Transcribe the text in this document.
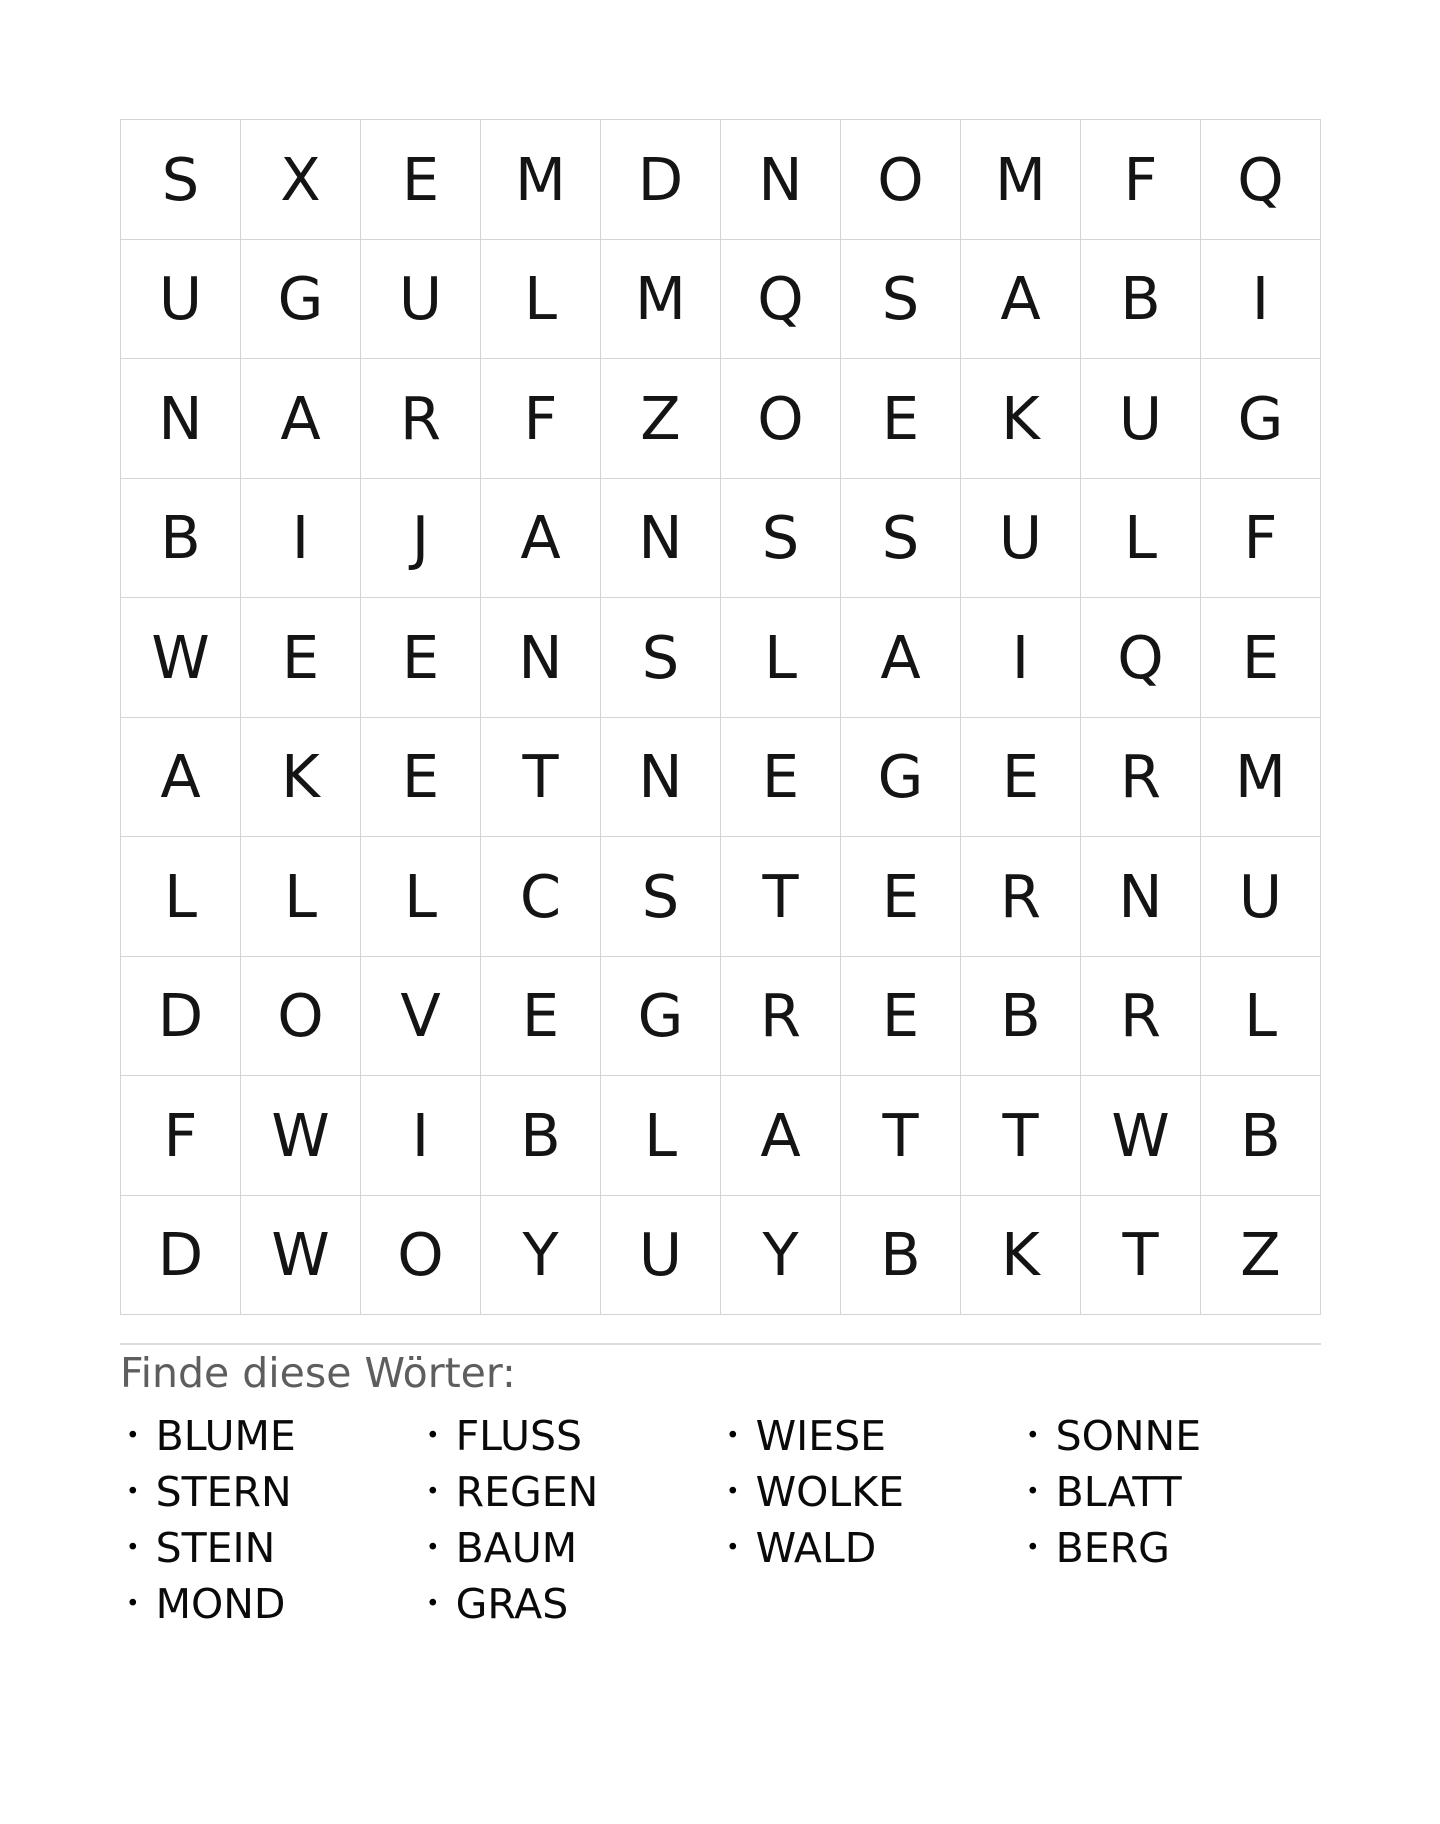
S	X	E	M	D	N	O	M	F	Q
U	G	U	L	M	Q	S	A	B	I
N	A	R	F	Z	O	E	K	U	G
B	I	J	A	N	S	S	U	L	F
W	E	E	N	S	L	A	I	Q	E
A	K	E	T	N	E	G	E	R	M
L	L	L	C	S	T	E	R	N	U
D	O	V	E	G	R	E	B	R	L
F	W	I	B	L	A	T	T	W	B
D	W	O	Y	U	Y	B	K	T	Z
Finde diese Wörter:
• BLUME
• STERN
• STEIN
• MOND
• FLUSS
• REGEN
• BAUM
• GRAS
• WIESE
• WOLKE
• WALD
• SONNE
• BLATT
• BERG
